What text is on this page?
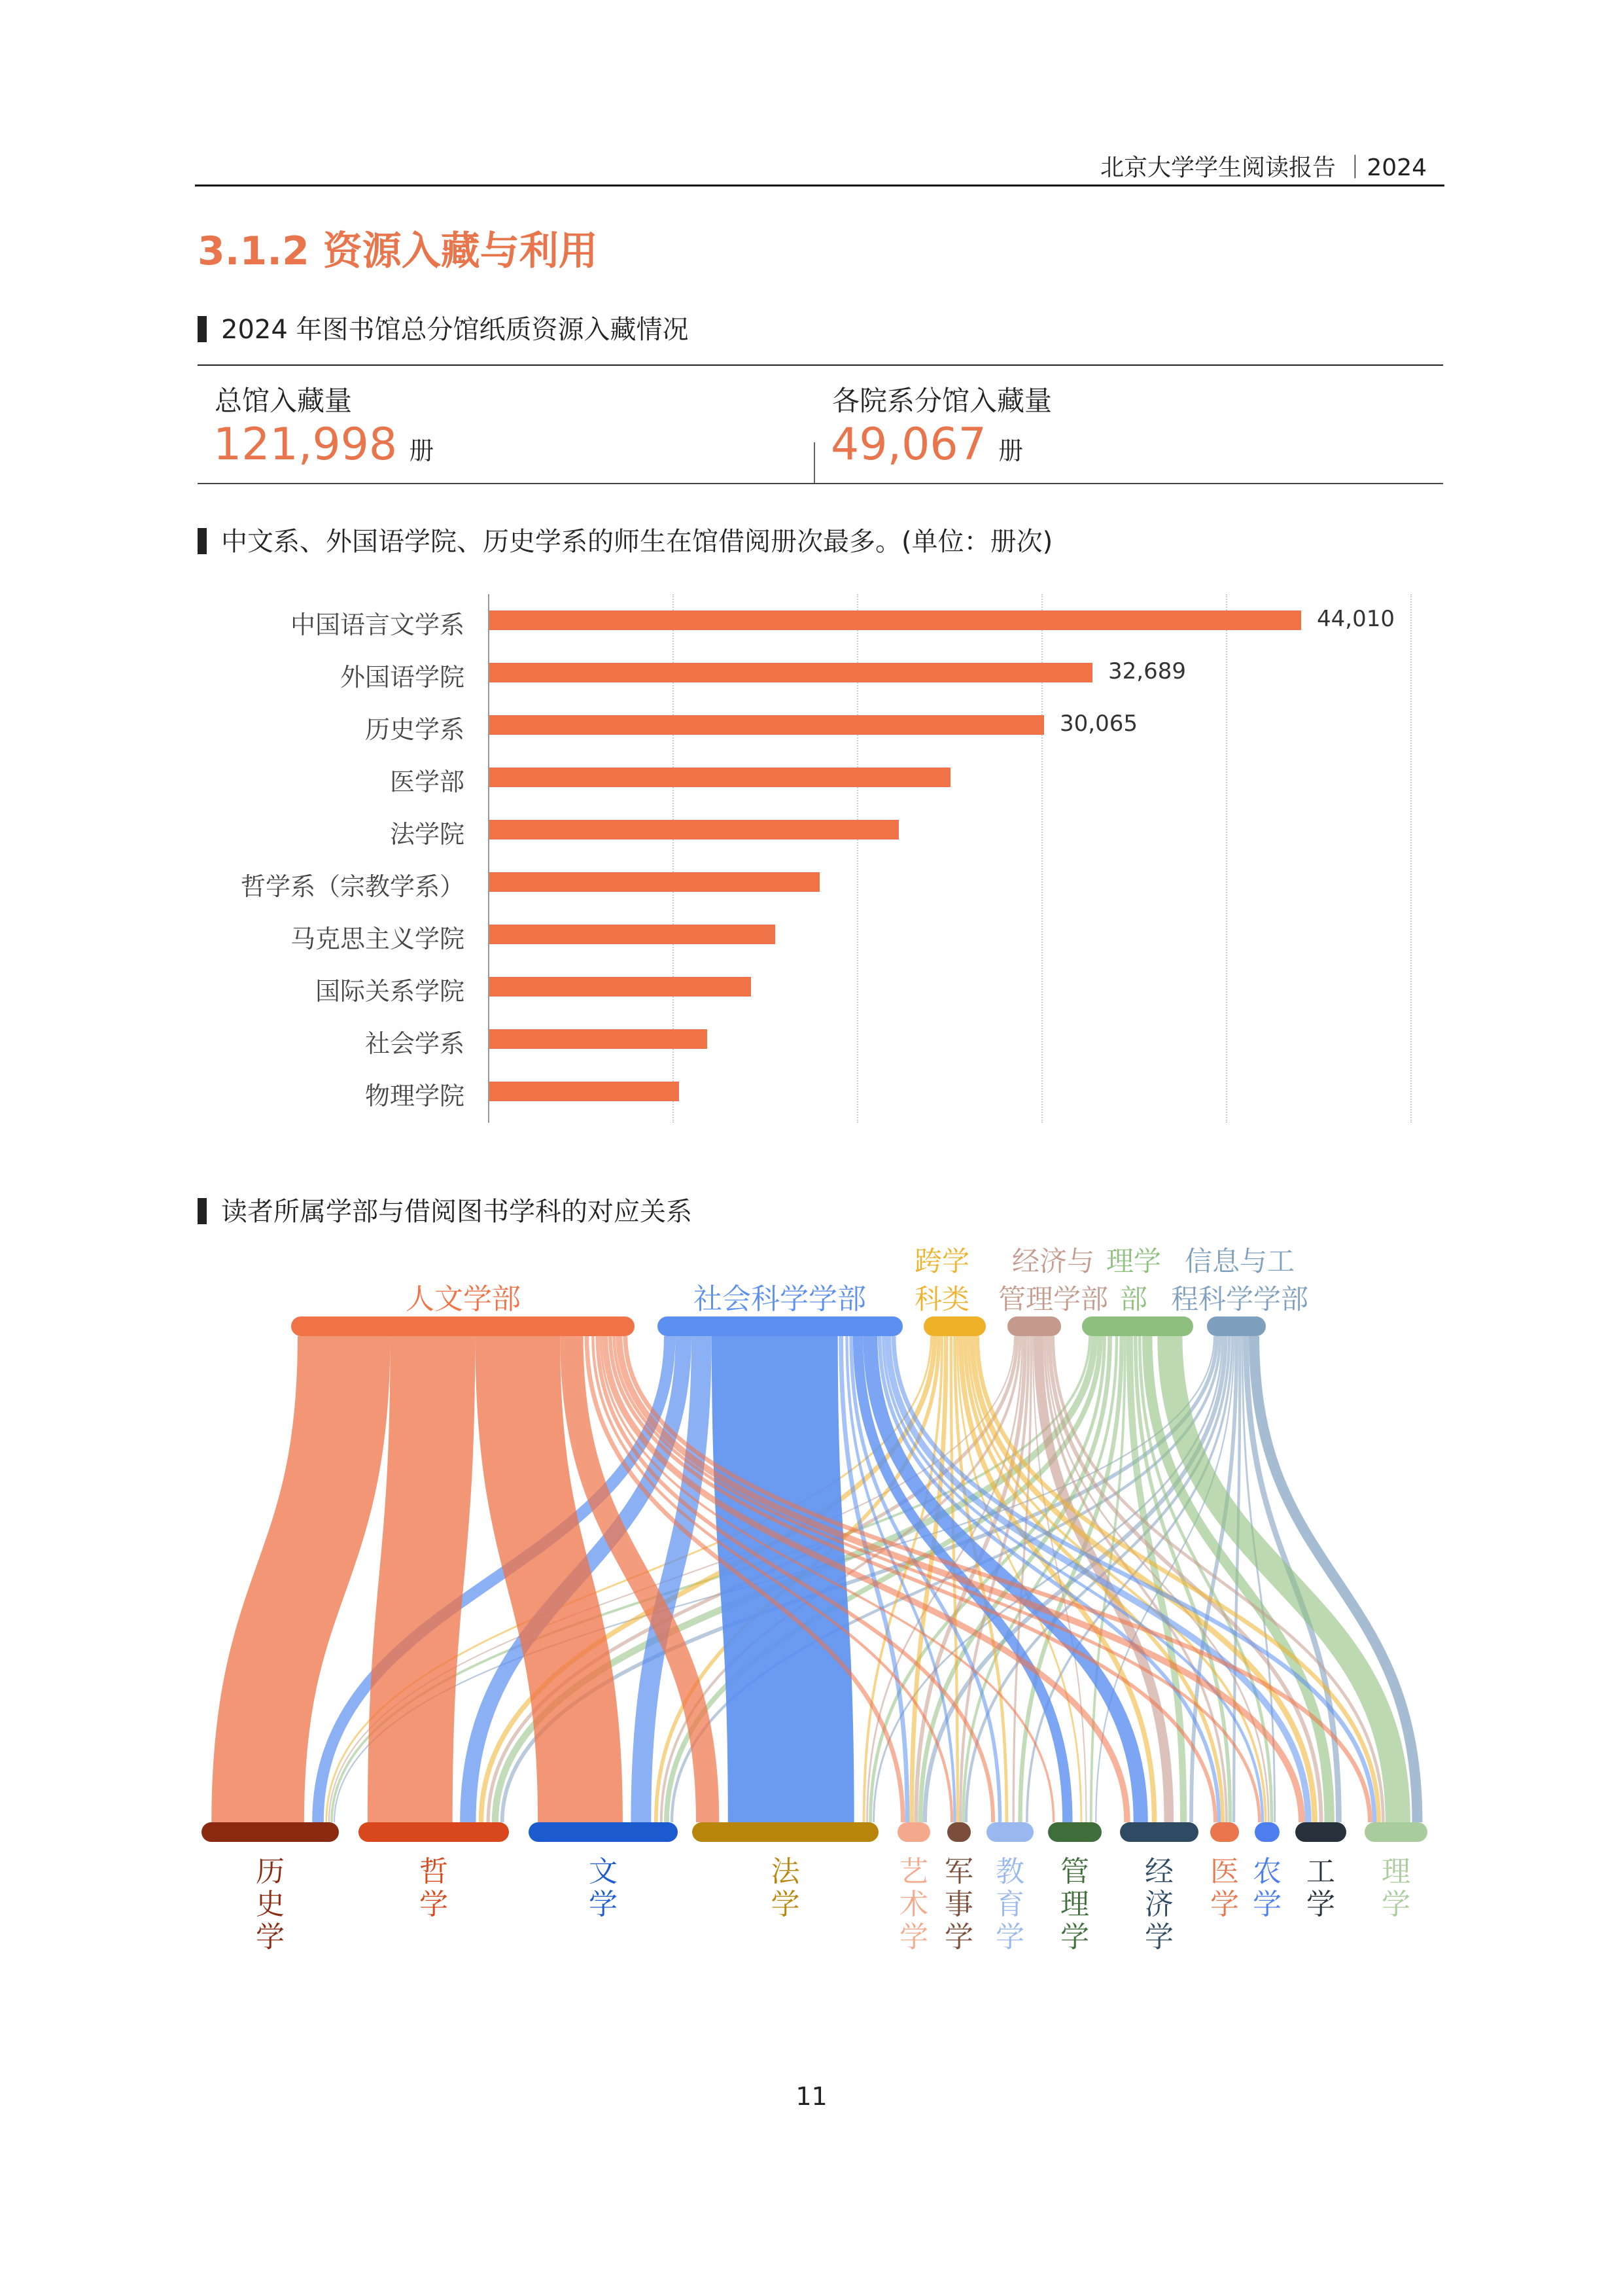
北京大学学生阅读报告 ｜2024
3.1.2 资源入藏与利用
2024 年图书馆总分馆纸质资源入藏情况
总馆入藏量
121,998 册
各院系分馆入藏量
49,067 册
中文系、外国语学院、历史学系的师生在馆借阅册次最多。(单位：册次)
中国语言文学系	44,010
外国语学院	32,689
历史学系	30,065
医学部
法学院
哲学系（宗教学系）
马克思主义学院
国际关系学院
社会学系
物理学院
读者所属学部与借阅图书学科的对应关系
人文学部	社会科学学部
跨学
科类
经济与
管理学部
理学
部
信息与工
程科学学部
历
史
学
哲
学
文
学
法
学
艺
术
学
军
事
学
教
育
学
管
理
学
经
济
学
医
学
农
学
工
学
理
学
11
